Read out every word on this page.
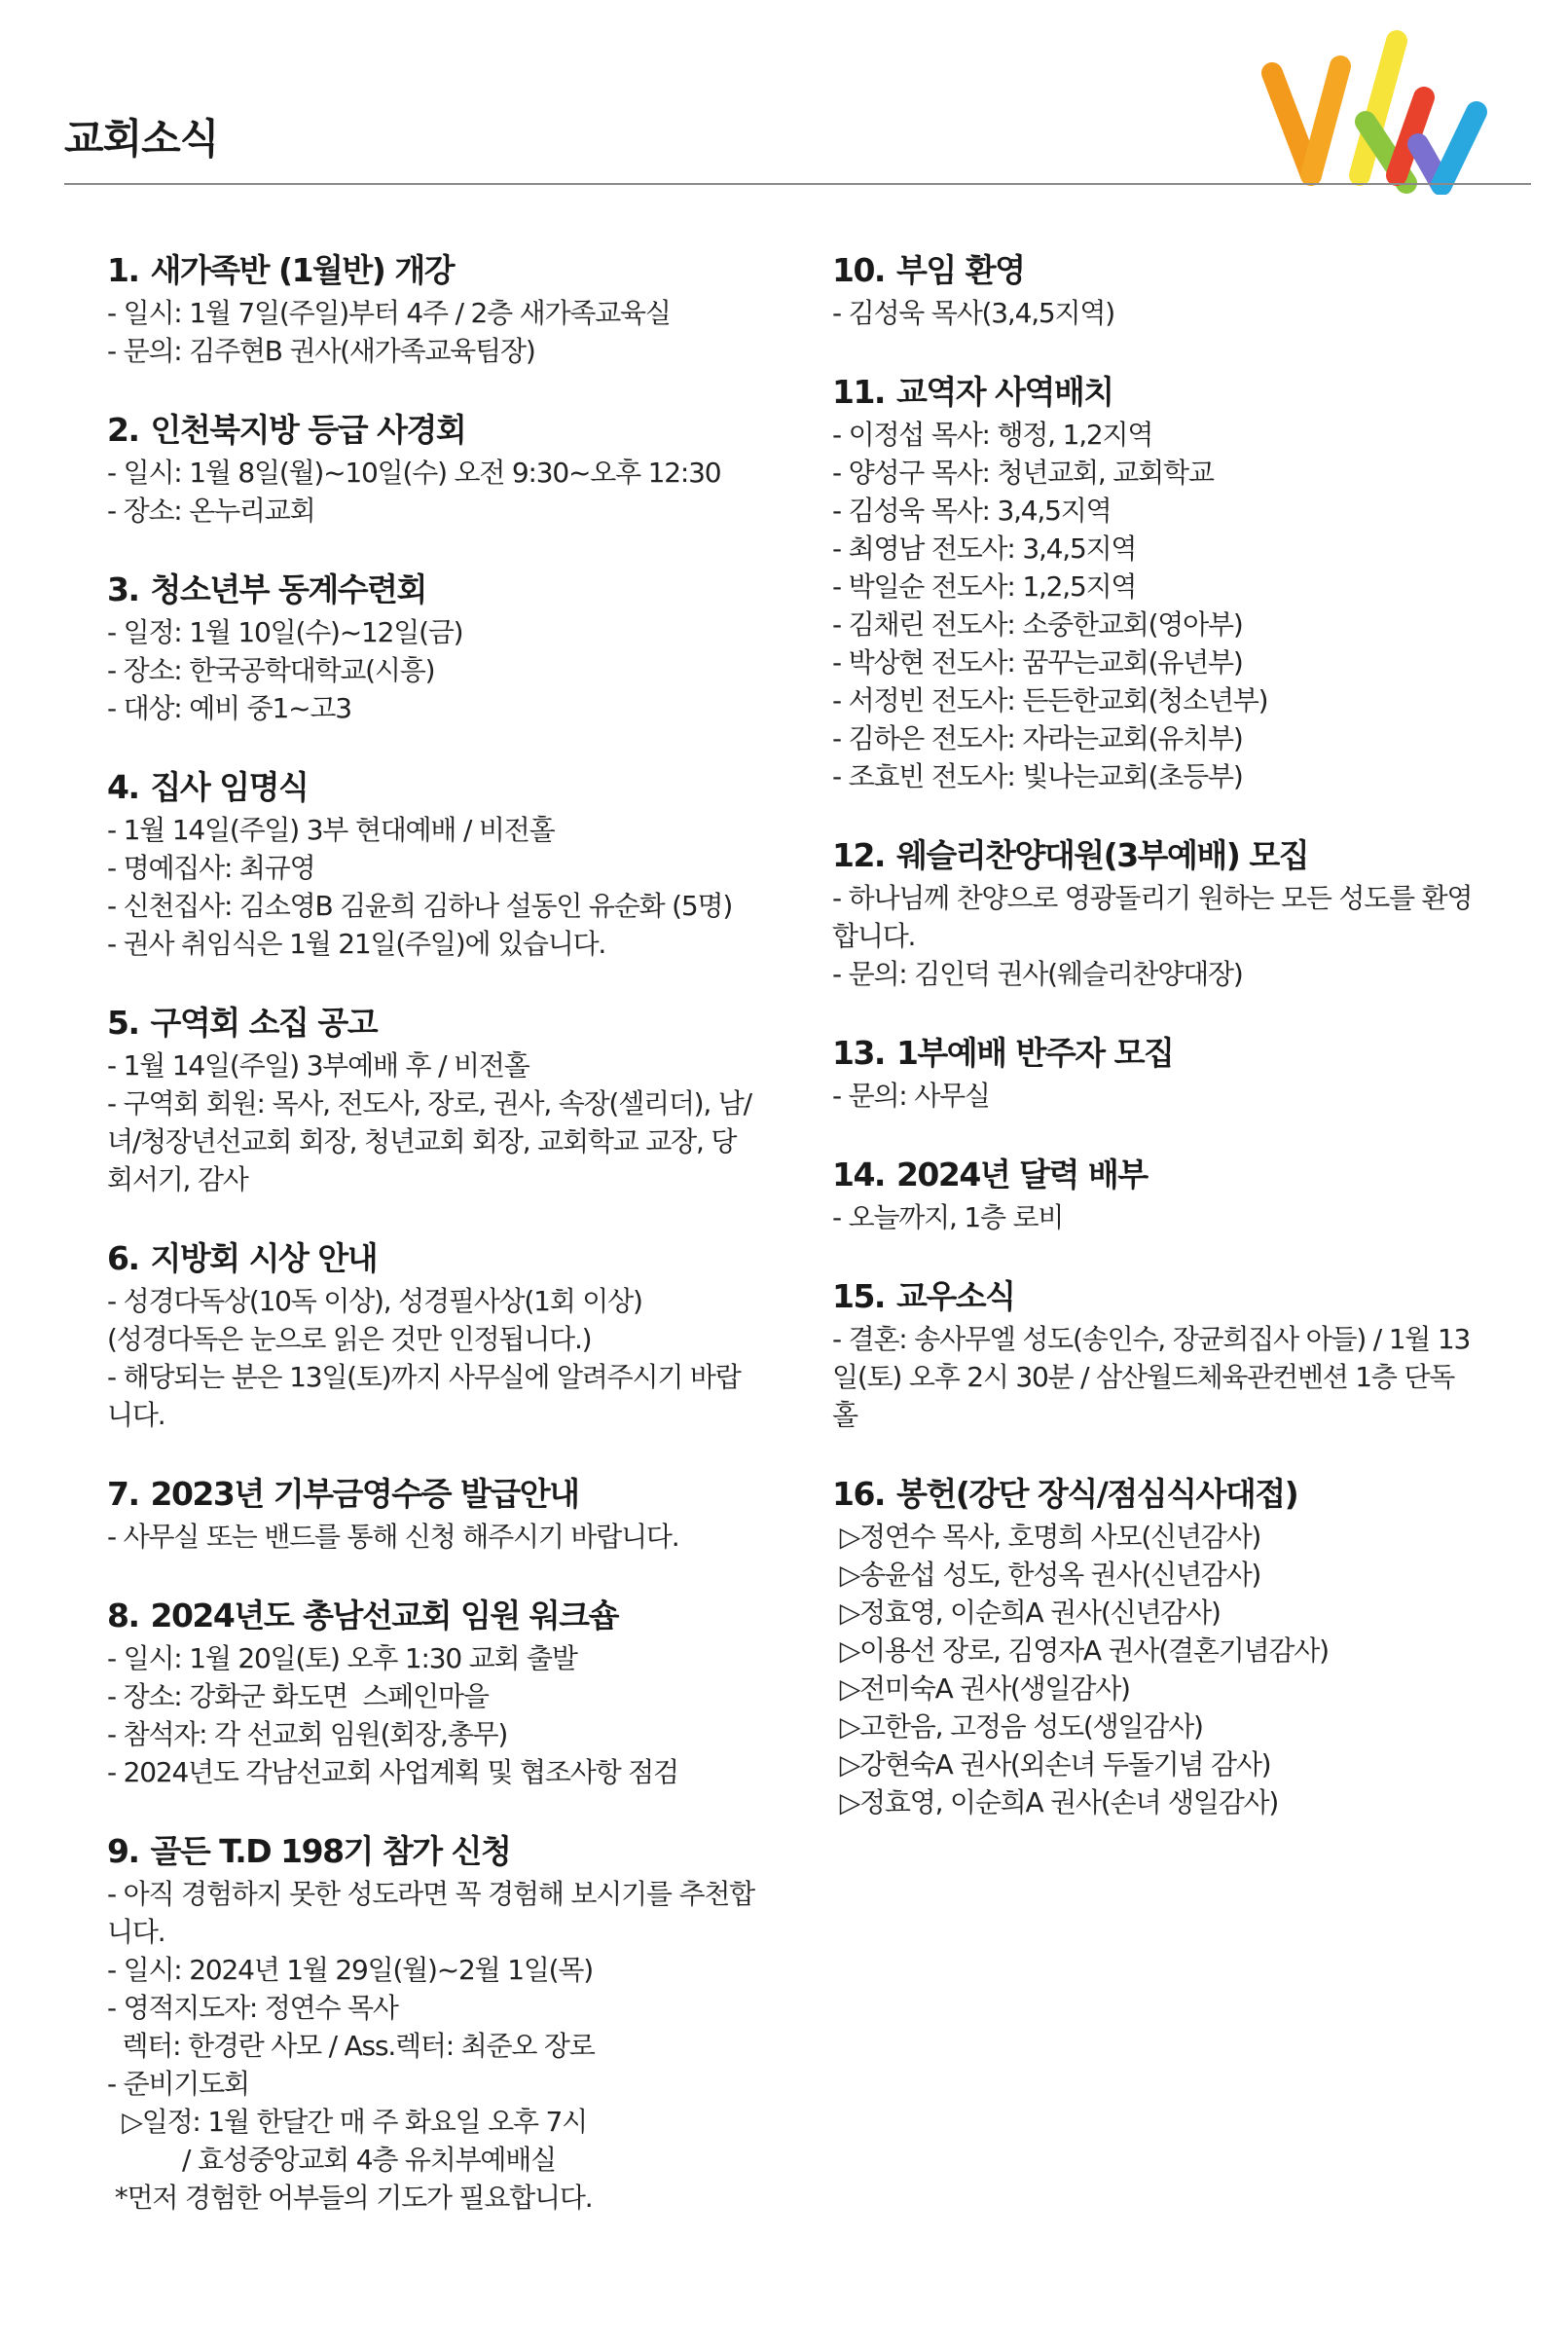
교회소식
1. 새가족반 (1월반) 개강
- 일시: 1월 7일(주일)부터 4주 / 2층 새가족교육실
- 문의: 김주현B 권사(새가족교육팀장)
2. 인천북지방 등급 사경회
- 일시: 1월 8일(월)~10일(수) 오전 9:30~오후 12:30
- 장소: 온누리교회
3. 청소년부 동계수련회
- 일정: 1월 10일(수)~12일(금)
- 장소: 한국공학대학교(시흥)
- 대상: 예비 중1~고3
4. 집사 임명식
- 1월 14일(주일) 3부 현대예배 / 비전홀
- 명예집사: 최규영
- 신천집사: 김소영B 김윤희 김하나 설동인 유순화 (5명)
- 권사 취임식은 1월 21일(주일)에 있습니다.
5. 구역회 소집 공고
- 1월 14일(주일) 3부예배 후 / 비전홀
- 구역회 회원: 목사, 전도사, 장로, 권사, 속장(셀리더), 남/녀/청장년선교회 회장, 청년교회 회장, 교회학교 교장, 당회서기, 감사
6. 지방회 시상 안내
- 성경다독상(10독 이상), 성경필사상(1회 이상)
(성경다독은 눈으로 읽은 것만 인정됩니다.)
- 해당되는 분은 13일(토)까지 사무실에 알려주시기 바랍니다.
7. 2023년 기부금영수증 발급안내
- 사무실 또는 밴드를 통해 신청 해주시기 바랍니다.
8. 2024년도 총남선교회 임원 워크숍
- 일시: 1월 20일(토) 오후 1:30 교회 출발
- 장소: 강화군 화도면  스페인마을
- 참석자: 각 선교회 임원(회장,총무)
- 2024년도 각남선교회 사업계획 및 협조사항 점검
9. 골든 T.D 198기 참가 신청
- 아직 경험하지 못한 성도라면 꼭 경험해 보시기를 추천합니다.
- 일시: 2024년 1월 29일(월)~2월 1일(목)
- 영적지도자: 정연수 목사
렉터: 한경란 사모 / Ass.렉터: 최준오 장로
- 준비기도회
▷일정: 1월 한달간 매 주 화요일 오후 7시
/ 효성중앙교회 4층 유치부예배실
*먼저 경험한 어부들의 기도가 필요합니다.
10. 부임 환영
- 김성욱 목사(3,4,5지역)
11. 교역자 사역배치
- 이정섭 목사: 행정, 1,2지역
- 양성구 목사: 청년교회, 교회학교
- 김성욱 목사: 3,4,5지역
- 최영남 전도사: 3,4,5지역
- 박일순 전도사: 1,2,5지역
- 김채린 전도사: 소중한교회(영아부)
- 박상현 전도사: 꿈꾸는교회(유년부)
- 서정빈 전도사: 든든한교회(청소년부)
- 김하은 전도사: 자라는교회(유치부)
- 조효빈 전도사: 빛나는교회(초등부)
12. 웨슬리찬양대원(3부예배) 모집
- 하나님께 찬양으로 영광돌리기 원하는 모든 성도를 환영합니다.
- 문의: 김인덕 권사(웨슬리찬양대장)
13. 1부예배 반주자 모집
- 문의: 사무실
14. 2024년 달력 배부
- 오늘까지, 1층 로비
15. 교우소식
- 결혼: 송사무엘 성도(송인수, 장균희집사 아들) / 1월 13일(토) 오후 2시 30분 / 삼산월드체육관컨벤션 1층 단독홀
16. 봉헌(강단 장식/점심식사대접)
▷정연수 목사, 호명희 사모(신년감사)
▷송윤섭 성도, 한성옥 권사(신년감사)
▷정효영, 이순희A 권사(신년감사)
▷이용선 장로, 김영자A 권사(결혼기념감사)
▷전미숙A 권사(생일감사)
▷고한음, 고정음 성도(생일감사)
▷강현숙A 권사(외손녀 두돌기념 감사)
▷정효영, 이순희A 권사(손녀 생일감사)
